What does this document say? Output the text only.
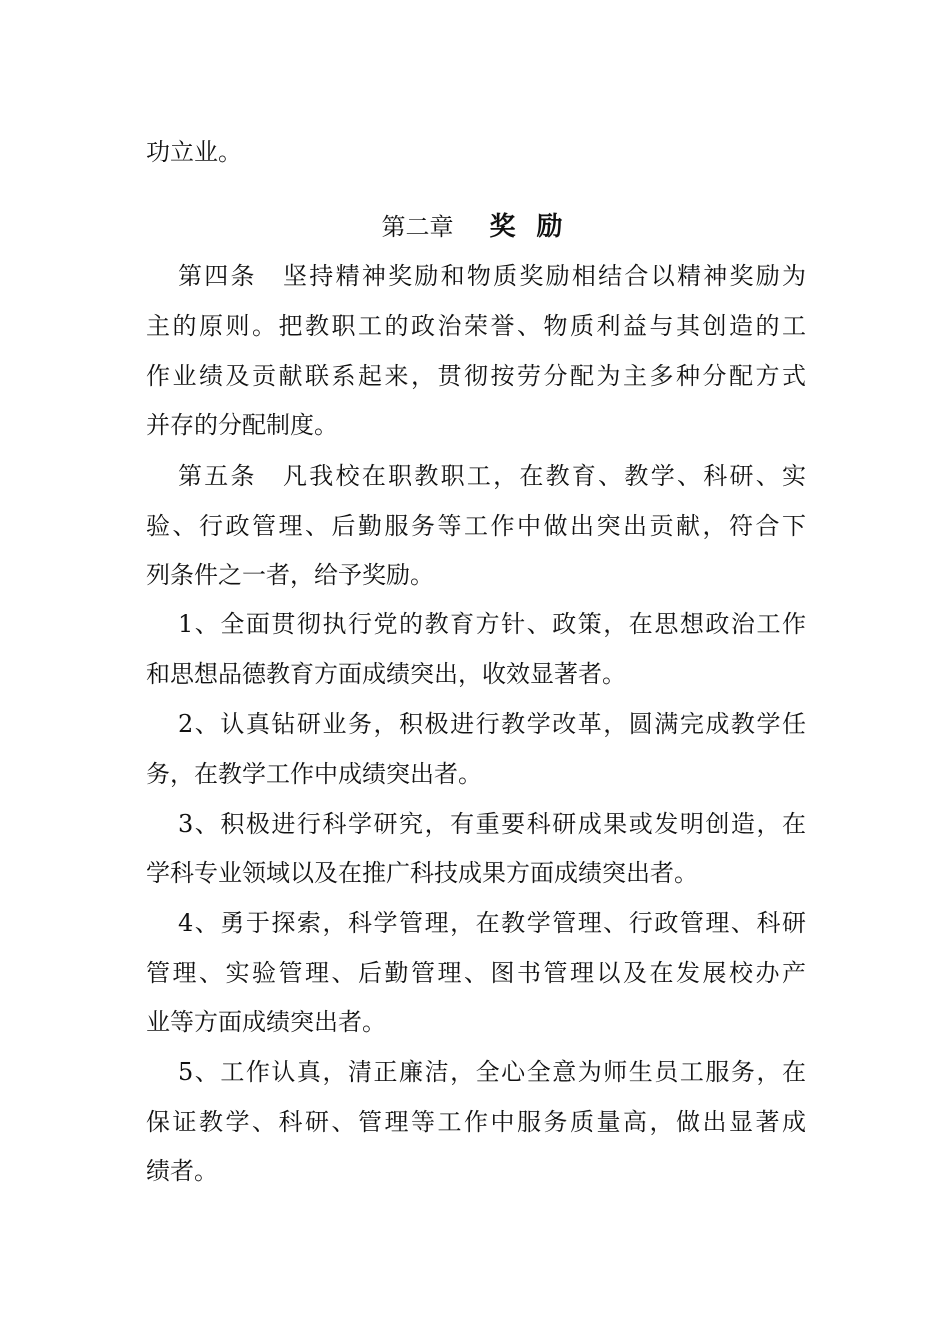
功立业。
第二章 奖 励
第四条　坚持精神奖励和物质奖励相结合以精神奖励为
主的原则。把教职工的政治荣誉、物质利益与其创造的工
作业绩及贡献联系起来，贯彻按劳分配为主多种分配方式
并存的分配制度。
第五条　凡我校在职教职工，在教育、教学、科研、实
验、行政管理、后勤服务等工作中做出突出贡献，符合下
列条件之一者，给予奖励。
1、全面贯彻执行党的教育方针、政策，在思想政治工作
和思想品德教育方面成绩突出，收效显著者。
2、认真钻研业务，积极进行教学改革，圆满完成教学任
务，在教学工作中成绩突出者。
3、积极进行科学研究，有重要科研成果或发明创造，在
学科专业领域以及在推广科技成果方面成绩突出者。
4、勇于探索，科学管理，在教学管理、行政管理、科研
管理、实验管理、后勤管理、图书管理以及在发展校办产
业等方面成绩突出者。
5、工作认真，清正廉洁，全心全意为师生员工服务，在
保证教学、科研、管理等工作中服务质量高，做出显著成
绩者。
